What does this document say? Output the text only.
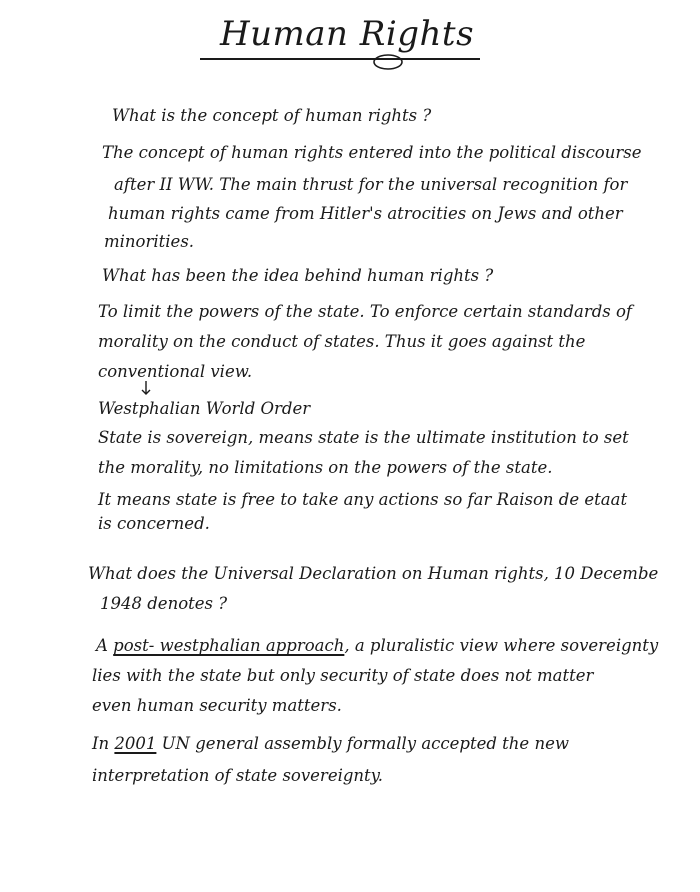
Human Rights
What is the concept of human rights ?
The concept of human rights entered into the political discourse
after II WW. The main thrust for the universal recognition for
human rights came from Hitler's atrocities on Jews and other
minorities.
What has been the idea behind human rights ?
To limit the powers of the state. To enforce certain standards of
morality on the conduct of states. Thus it goes against the
conventional view.
Westphalian World Order
State is sovereign, means state is the ultimate institution to set
the morality, no limitations on the powers of the state.
It means state is free to take any actions so far Raison de etaat
is concerned.
What does the Universal Declaration on Human rights, 10 Decembe
1948 denotes ?
A post- westphalian approach, a pluralistic view where sovereignty
lies with the state but only security of state does not matter
even human security matters.
In 2001 UN general assembly formally accepted the new
interpretation of state sovereignty.
